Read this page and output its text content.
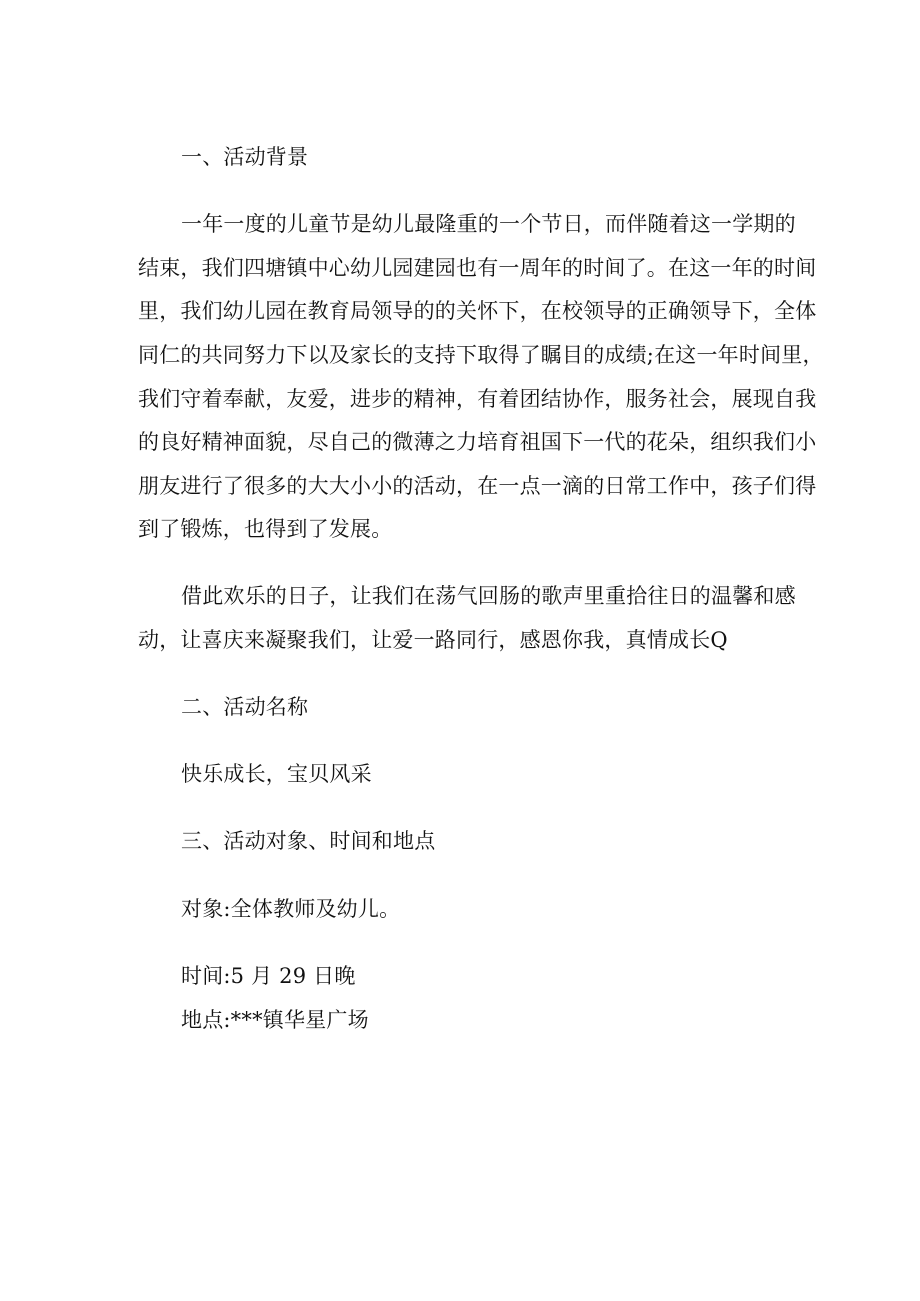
一、活动背景
一年一度的儿童节是幼儿最隆重的一个节日，而伴随着这一学期的
结束，我们四塘镇中心幼儿园建园也有一周年的时间了。在这一年的时间
里，我们幼儿园在教育局领导的的关怀下，在校领导的正确领导下，全体
同仁的共同努力下以及家长的支持下取得了瞩目的成绩;在这一年时间里，
我们守着奉献，友爱，进步的精神，有着团结协作，服务社会，展现自我
的良好精神面貌，尽自己的微薄之力培育祖国下一代的花朵，组织我们小
朋友进行了很多的大大小小的活动，在一点一滴的日常工作中，孩子们得
到了锻炼，也得到了发展。
借此欢乐的日子，让我们在荡气回肠的歌声里重拾往日的温馨和感
动，让喜庆来凝聚我们，让爱一路同行，感恩你我，真情成长Q
二、活动名称
快乐成长，宝贝风采
三、活动对象、时间和地点
对象:全体教师及幼儿。
时间:5 月 29 日晚
地点:***镇华星广场
